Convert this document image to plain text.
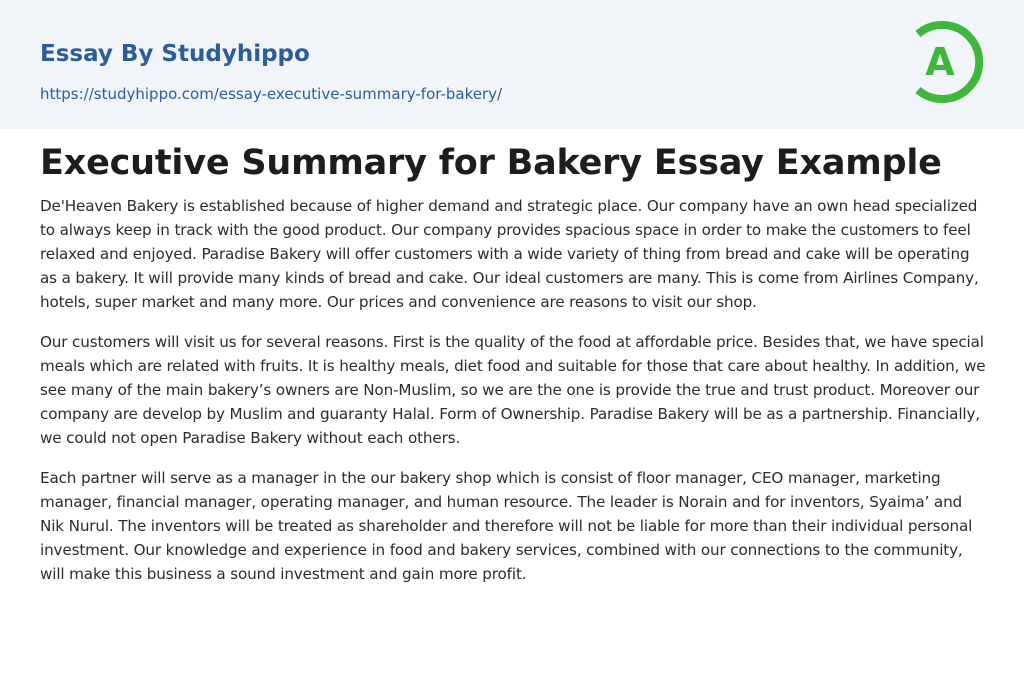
Essay By Studyhippo
https://studyhippo.com/essay-executive-summary-for-bakery/
A
Executive Summary for Bakery Essay Example

De'Heaven Bakery is established because of higher demand and strategic place. Our company have an own head specialized to always keep in track with the good product. Our company provides spacious space in order to make the customers to feel relaxed and enjoyed. Paradise Bakery will offer customers with a wide variety of thing from bread and cake will be operating as a bakery. It will provide many kinds of bread and cake. Our ideal customers are many. This is come from Airlines Company, hotels, super market and many more. Our prices and convenience are reasons to visit our shop.

Our customers will visit us for several reasons. First is the quality of the food at affordable price. Besides that, we have special meals which are related with fruits. It is healthy meals, diet food and suitable for those that care about healthy. In addition, we see many of the main bakery’s owners are Non-Muslim, so we are the one is provide the true and trust product. Moreover our company are develop by Muslim and guaranty Halal. Form of Ownership. Paradise Bakery will be as a partnership. Financially, we could not open Paradise Bakery without each others.

Each partner will serve as a manager in the our bakery shop which is consist of floor manager, CEO manager, marketing manager, financial manager, operating manager, and human resource. The leader is Norain and for inventors, Syaima’ and Nik Nurul. The inventors will be treated as shareholder and therefore will not be liable for more than their individual personal investment. Our knowledge and experience in food and bakery services, combined with our connections to the community, will make this business a sound investment and gain more profit.
